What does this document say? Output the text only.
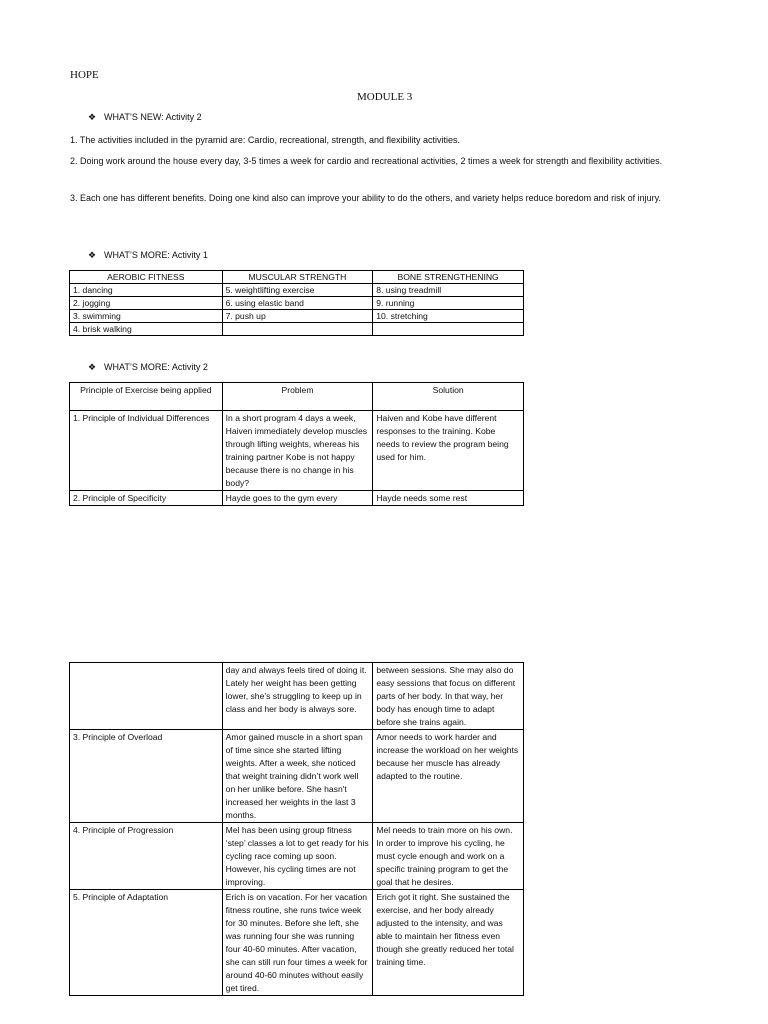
HOPE
MODULE 3
❖ WHAT’S NEW: Activity 2

1. The activities included in the pyramid are: Cardio, recreational, strength, and flexibility activities.

2. Doing work around the house every day, 3-5 times a week for cardio and recreational activities, 2 times a week for strength and flexibility activities.

3. Each one has different benefits. Doing one kind also can improve your ability to do the others, and variety helps reduce boredom and risk of injury.

❖ WHAT’S MORE: Activity 1
AEROBIC FITNESS	MUSCULAR STRENGTH	BONE STRENGTHENING
1. dancing	5. weightlifting exercise	8. using treadmill
2. jogging	6. using elastic band	9. running
3. swimming	7. push up	10. stretching
4. brisk walking		
❖ WHAT’S MORE: Activity 2
Principle of Exercise being applied	Problem	Solution
1. Principle of Individual Differences	In a short program 4 days a week, Haiven immediately develop muscles through lifting weights, whereas his training partner Kobe is not happy because there is no change in his body?	Haiven and Kobe have different responses to the training. Kobe needs to review the program being used for him.
2. Principle of Specificity	Hayde goes to the gym every	Hayde needs some rest
	day and always feels tired of doing it. Lately her weight has been getting lower, she’s struggling to keep up in class and her body is always sore.	between sessions. She may also do easy sessions that focus on different parts of her body. In that way, her body has enough time to adapt before she trains again.
3. Principle of Overload	Amor gained muscle in a short span of time since she started lifting weights. After a week, she noticed that weight training didn’t work well on her unlike before. She hasn't increased her weights in the last 3 months.	Amor needs to work harder and increase the workload on her weights because her muscle has already adapted to the routine.
4. Principle of Progression	Mel has been using group fitness ‘step’ classes a lot to get ready for his cycling race coming up soon. However, his cycling times are not improving.	Mel needs to train more on his own. In order to improve his cycling, he must cycle enough and work on a specific training program to get the goal that he desires.
5. Principle of Adaptation	Erich is on vacation. For her vacation fitness routine, she runs twice week for 30 minutes. Before she left, she was running four she was running four 40-60 minutes. After vacation, she can still run four times a week for around 40-60 minutes without easily get tired.	Erich got it right. She sustained the exercise, and her body already adjusted to the intensity, and was able to maintain her fitness even though she greatly reduced her total training time.
